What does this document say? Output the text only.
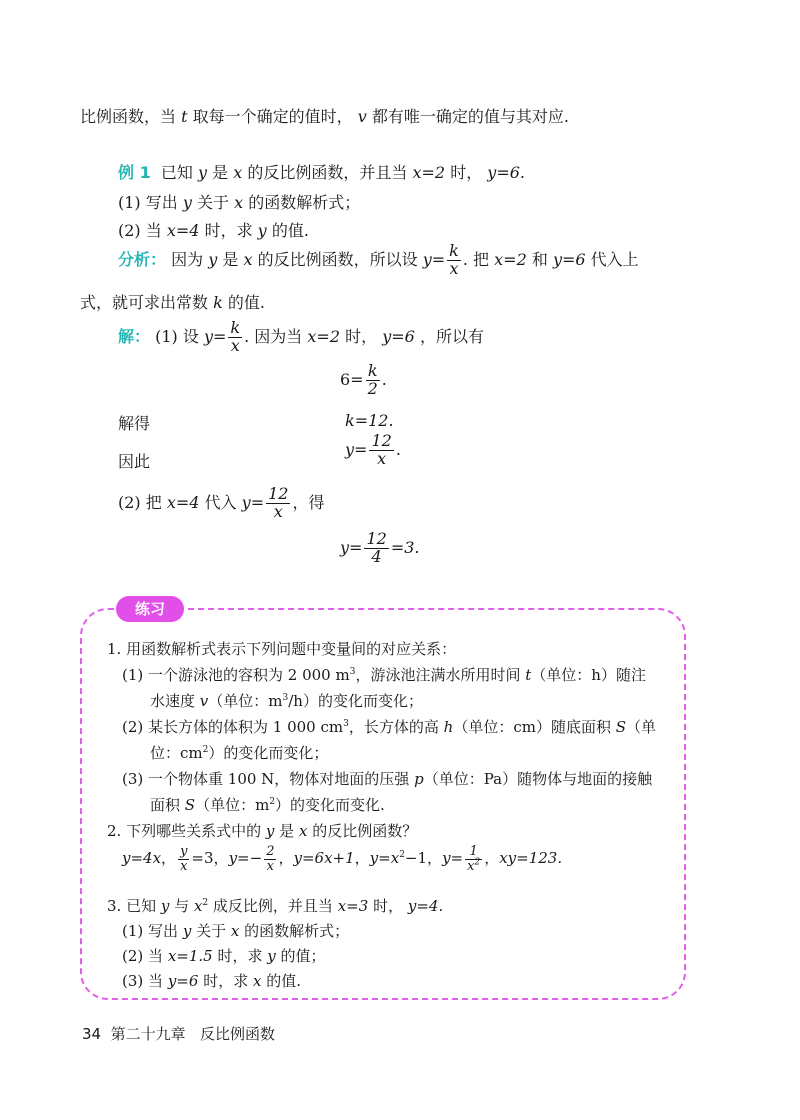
比例函数，当 t 取每一个确定的值时， v 都有唯一确定的值与其对应.
例 1 已知 y 是 x 的反比例函数，并且当 x=2 时， y=6.
(1) 写出 y 关于 x 的函数解析式；
(2) 当 x=4 时，求 y 的值.
分析： 因为 y 是 x 的反比例函数，所以设 $y= \frac{k}{x}$ . 把 x=2 和 y=6 代入上
式，就可求出常数 k 的值.
解： (1) 设 $y= \frac{k}{x}$ . 因为当 x=2 时， y=6 ，所以有
$6= \frac{k}{2}$ .
解得	k=12.
因此
$y= \frac{12}{x}$ .
(2) 把 x=4 代入 $y= \frac{12}{x}$ ，得
$y= \frac{12}{4} =3$.
练习
1. 用函数解析式表示下列问题中变量间的对应关系：
(1) 一个游泳池的容积为 2 000 $m^3$，游泳池注满水所用时间 t（单位：h）随注
水速度 v（单位：$m^3/h$）的变化而变化；
(2) 某长方体的体积为 1 000 $cm^3$，长方体的高 h（单位：cm）随底面积 S（单
位：$cm^2$）的变化而变化；
(3) 一个物体重 100 N，物体对地面的压强 p（单位：Pa）随物体与地面的接触
面积 S（单位：$m^2$）的变化而变化.
2. 下列哪些关系式中的 y 是 x 的反比例函数？
y=4x， $\frac{y}{x} =3$，$y=- \frac{2}{x}$ ，y=6x+1，$y=x^2-1$，$y= \frac{1}{x^2}$ ，xy=123.
3. 已知 y 与 $x^2$ 成反比例，并且当 x=3 时， y=4.
(1) 写出 y 关于 x 的函数解析式；
(2) 当 x=1.5 时，求 y 的值；
(3) 当 y=6 时，求 x 的值.
34 第二十九章 反比例函数
